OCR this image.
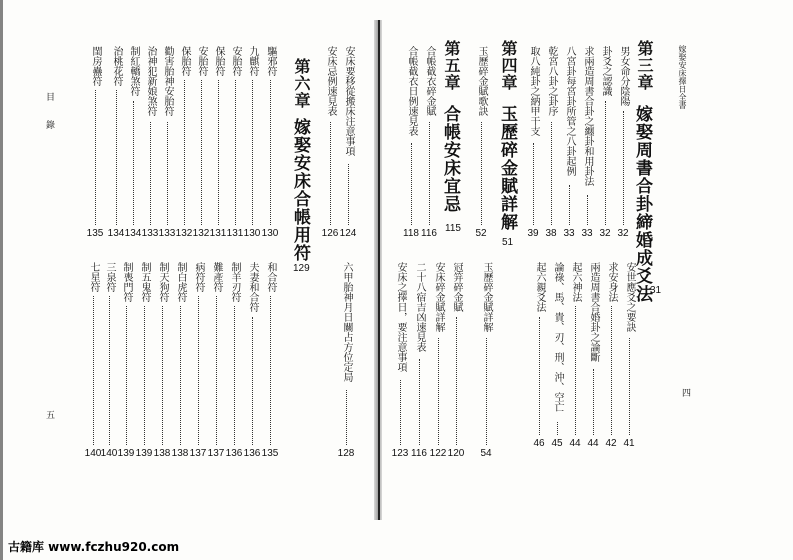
目
錄
五
嫁娶安床擇日全書
四
第三章
嫁娶周書合卦締婚成爻法
31
第四章
玉歷碎金賦詳解
51
第五章
合帳安床宜忌
115
第六章
嫁娶安床合帳用符
129
男女命分陰陽
32
卦爻之認識
32
求兩造周書合卦之纏卦和用卦法
33
八宮卦每宮卦所管之八卦起例
33
乾宮八卦之卦序
38
取八純卦之納甲干支
39
安世應爻之要訣
41
求安身法
42
兩造周書合婚卦之論斷
44
起六神法
44
論祿、馬、貴、刃、刑、沖、空亡
45
起六親爻法
46
玉歷碎金賦歌訣
52
玉歷碎金賦詳解
54
合帳截衣碎金賦
116
合帳截衣日例速見表
118
冠笄碎金賦
120
二十八宿吉凶速見表
116
安床碎金賦詳解
122
安床之擇日，要注意事項
123
安床要移從搬床注意事項
124
安床忌例速見表
126
六甲胎神月日關占方位定局
128
驅邪符
130
和合符
135
九麒符
130
夫妻和合符
136
安胎符
131
制羊刃符
136
保胎符
131
難產符
137
安胎符
132
病符符
137
保胎符
132
制白虎符
138
勸害胎神安胎符
133
制天狗符
138
治神犯新娘煞符
133
制五鬼符
139
制紅轎煞符
134
三泉符
140
治桃花符
134
制喪門符
139
閨房蠱符
135
七星符
140
古籍库 www.fczhu920.com
